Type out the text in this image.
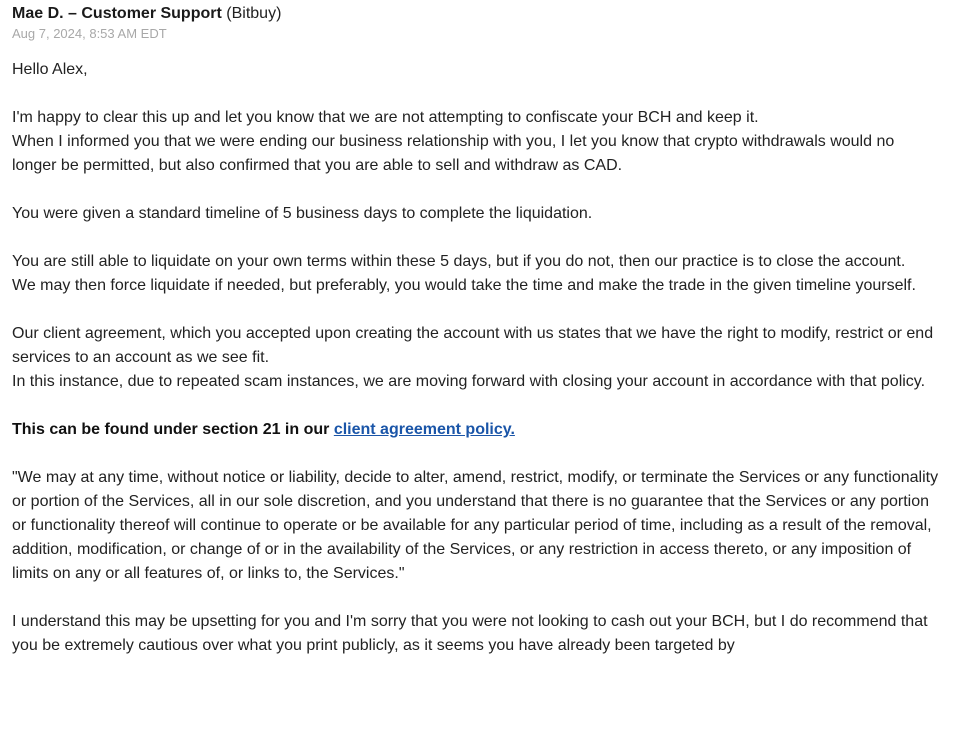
Mae D. – Customer Support (Bitbuy)
Aug 7, 2024, 8:53 AM EDT

Hello Alex,

I'm happy to clear this up and let you know that we are not attempting to confiscate your BCH and keep it.

When I informed you that we were ending our business relationship with you, I let you know that crypto withdrawals would no longer be permitted, but also confirmed that you are able to sell and withdraw as CAD.

You were given a standard timeline of 5 business days to complete the liquidation.

You are still able to liquidate on your own terms within these 5 days, but if you do not, then our practice is to close the account.

We may then force liquidate if needed, but preferably, you would take the time and make the trade in the given timeline yourself.

Our client agreement, which you accepted upon creating the account with us states that we have the right to modify, restrict or end services to an account as we see fit.

In this instance, due to repeated scam instances, we are moving forward with closing your account in accordance with that policy.

This can be found under section 21 in our client agreement policy.

"We may at any time, without notice or liability, decide to alter, amend, restrict, modify, or terminate the Services or any functionality or portion of the Services, all in our sole discretion, and you understand that there is no guarantee that the Services or any portion or functionality thereof will continue to operate or be available for any particular period of time, including as a result of the removal, addition, modification, or change of or in the availability of the Services, or any restriction in access thereto, or any imposition of limits on any or all features of, or links to, the Services."

I understand this may be upsetting for you and I'm sorry that you were not looking to cash out your BCH, but I do recommend that you be extremely cautious over what you print publicly, as it seems you have already been targeted by
